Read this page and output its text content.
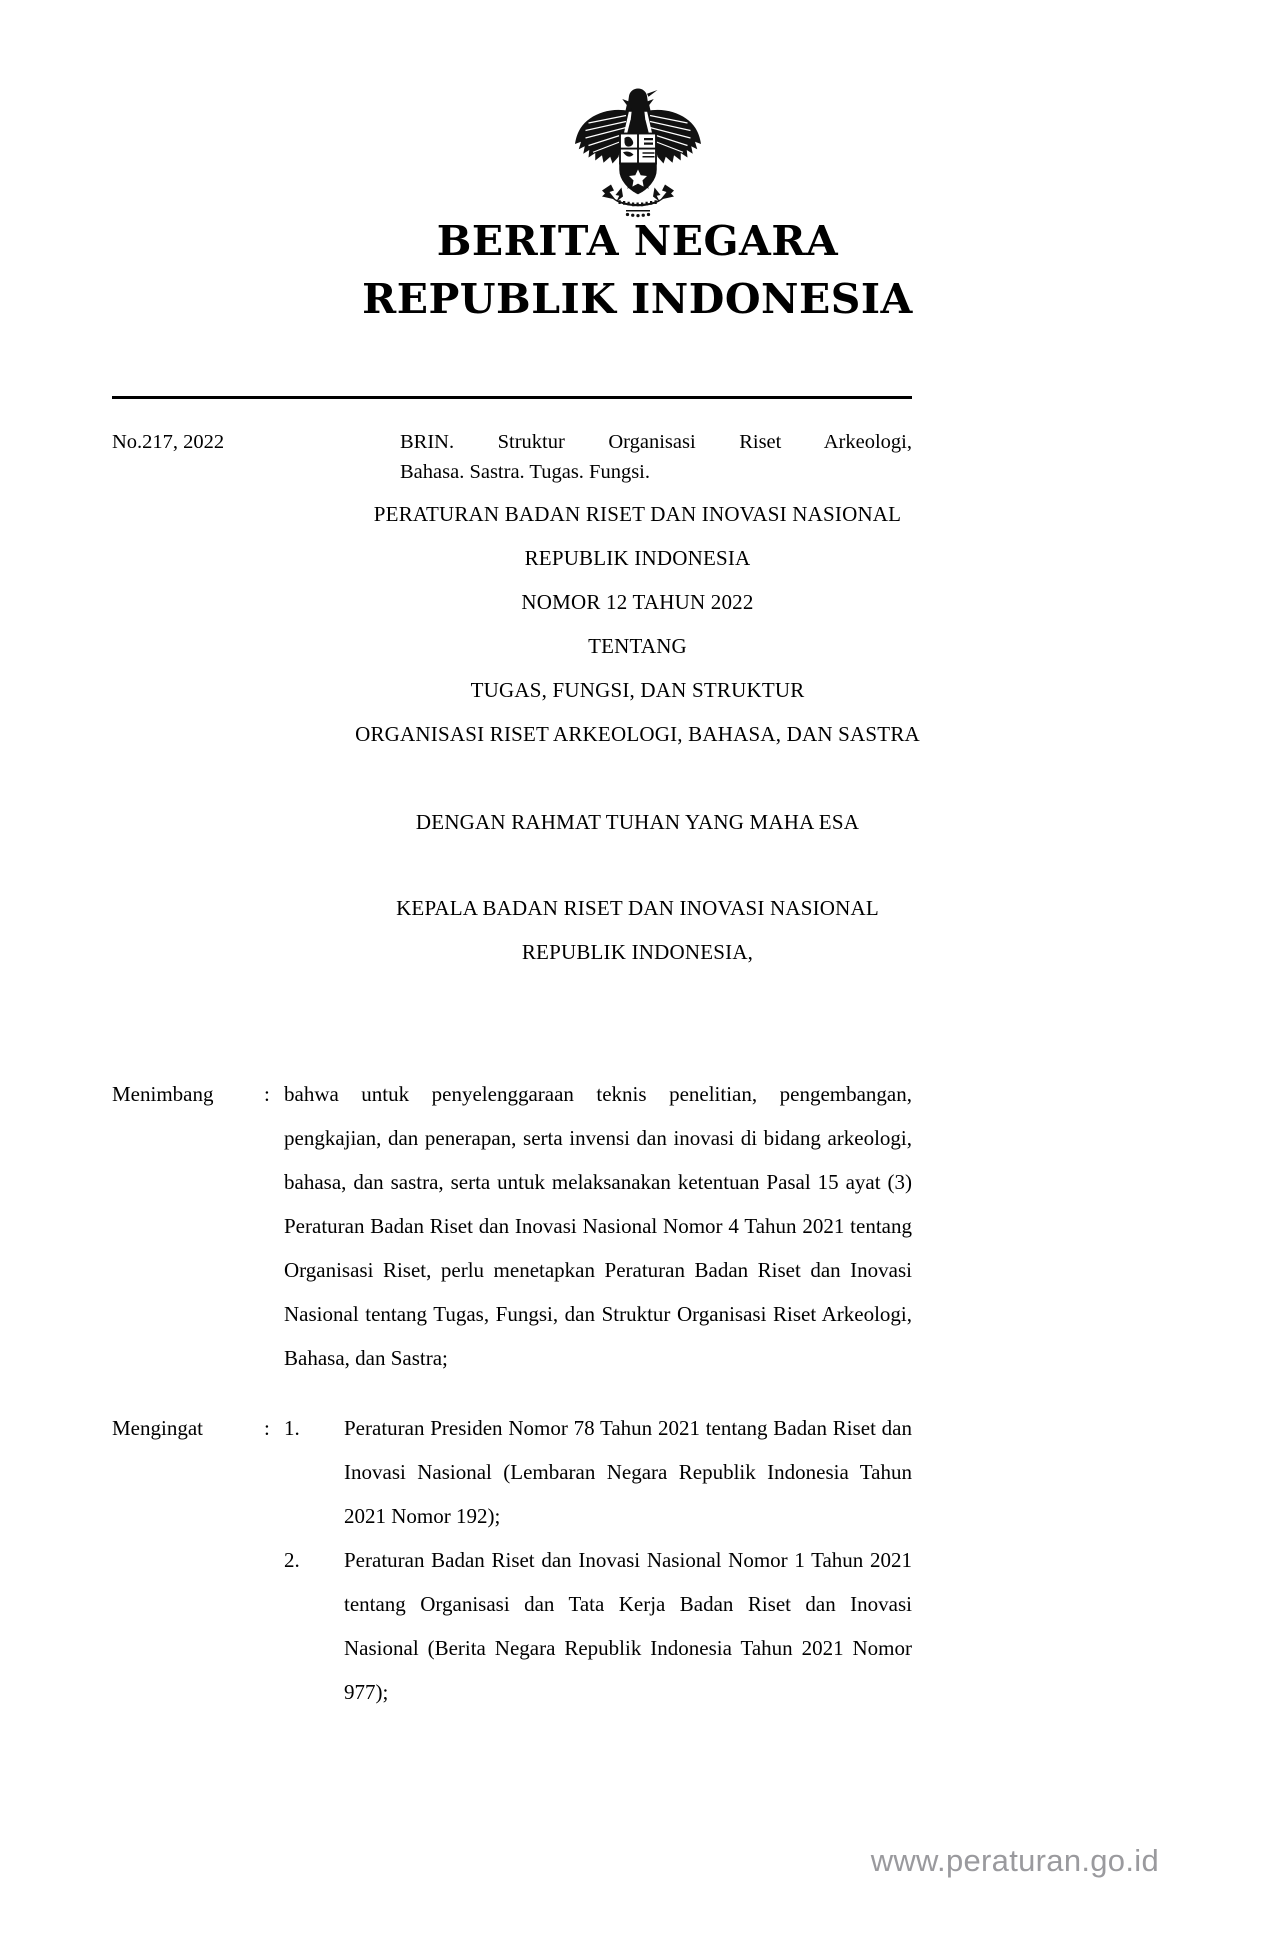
BERITA NEGARA
REPUBLIK INDONESIA
No.217, 2022	BRIN. Struktur Organisasi Riset Arkeologi,
Bahasa. Sastra. Tugas. Fungsi.
PERATURAN BADAN RISET DAN INOVASI NASIONAL
REPUBLIK INDONESIA
NOMOR 12 TAHUN 2022
TENTANG
TUGAS, FUNGSI, DAN STRUKTUR
ORGANISASI RISET ARKEOLOGI, BAHASA, DAN SASTRA
DENGAN RAHMAT TUHAN YANG MAHA ESA
KEPALA BADAN RISET DAN INOVASI NASIONAL
REPUBLIK INDONESIA,
Menimbang	: bahwa untuk penyelenggaraan teknis penelitian, pengembangan, pengkajian, dan penerapan, serta invensi dan inovasi di bidang arkeologi, bahasa, dan sastra, serta untuk melaksanakan ketentuan Pasal 15 ayat (3) Peraturan Badan Riset dan Inovasi Nasional Nomor 4 Tahun 2021 tentang Organisasi Riset, perlu menetapkan Peraturan Badan Riset dan Inovasi Nasional tentang Tugas, Fungsi, dan Struktur Organisasi Riset Arkeologi, Bahasa, dan Sastra;
Mengingat	: 1.	Peraturan Presiden Nomor 78 Tahun 2021 tentang Badan Riset dan Inovasi Nasional (Lembaran Negara Republik Indonesia Tahun 2021 Nomor 192);
2.	Peraturan Badan Riset dan Inovasi Nasional Nomor 1 Tahun 2021 tentang Organisasi dan Tata Kerja Badan Riset dan Inovasi Nasional (Berita Negara Republik Indonesia Tahun 2021 Nomor 977);
www.peraturan.go.id
